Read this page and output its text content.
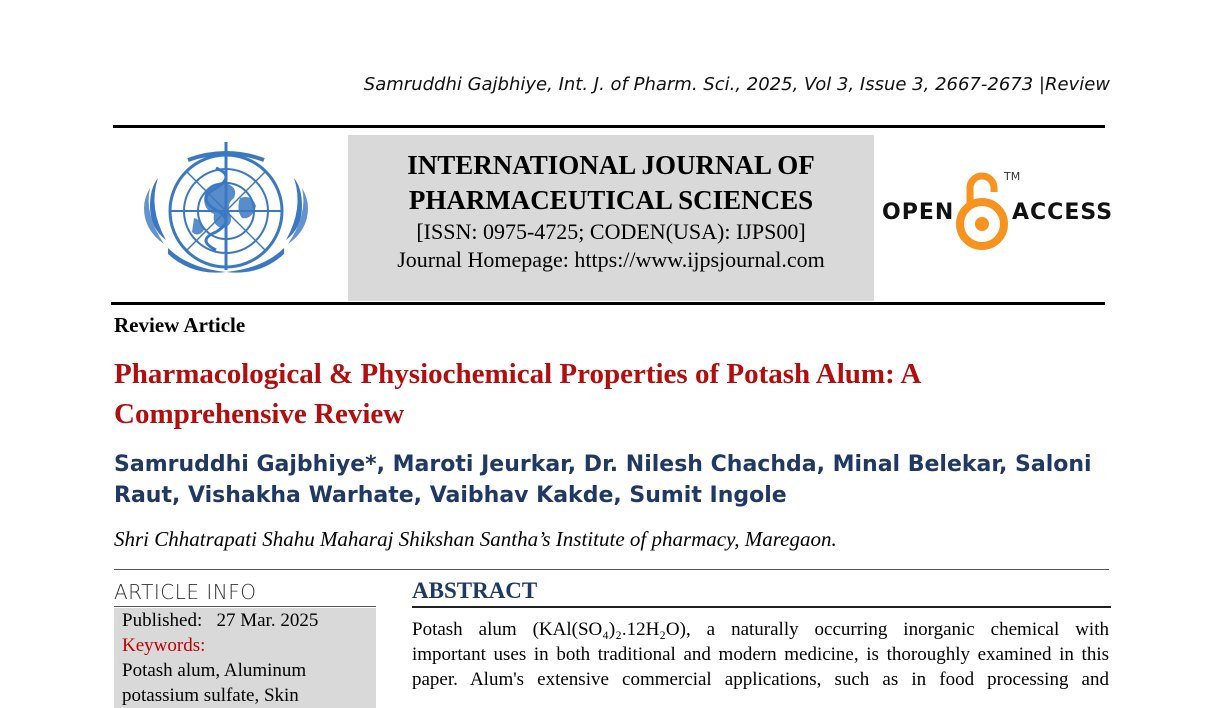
Samruddhi Gajbhiye, Int. J. of Pharm. Sci., 2025, Vol 3, Issue 3, 2667-2673 |Review
INTERNATIONAL JOURNAL OF
PHARMACEUTICAL SCIENCES
[ISSN: 0975-4725; CODEN(USA): IJPS00]
Journal Homepage: https://www.ijpsjournal.com
OPEN
TM
ACCESS
Review Article
Pharmacological & Physiochemical Properties of Potash Alum: A Comprehensive Review
Samruddhi Gajbhiye*, Maroti Jeurkar, Dr. Nilesh Chachda, Minal Belekar, Saloni Raut, Vishakha Warhate, Vaibhav Kakde, Sumit Ingole
Shri Chhatrapati Shahu Maharaj Shikshan Santha’s Institute of pharmacy, Maregaon.
ARTICLE INFO
Published: 27 Mar. 2025
Keywords:
Potash alum, Aluminum
potassium sulfate, Skin
ABSTRACT
Potash alum (KAl(SO₄)₂.12H₂O), a naturally occurring inorganic chemical with
important uses in both traditional and modern medicine, is thoroughly examined in this
paper. Alum's extensive commercial applications, such as in food processing and
